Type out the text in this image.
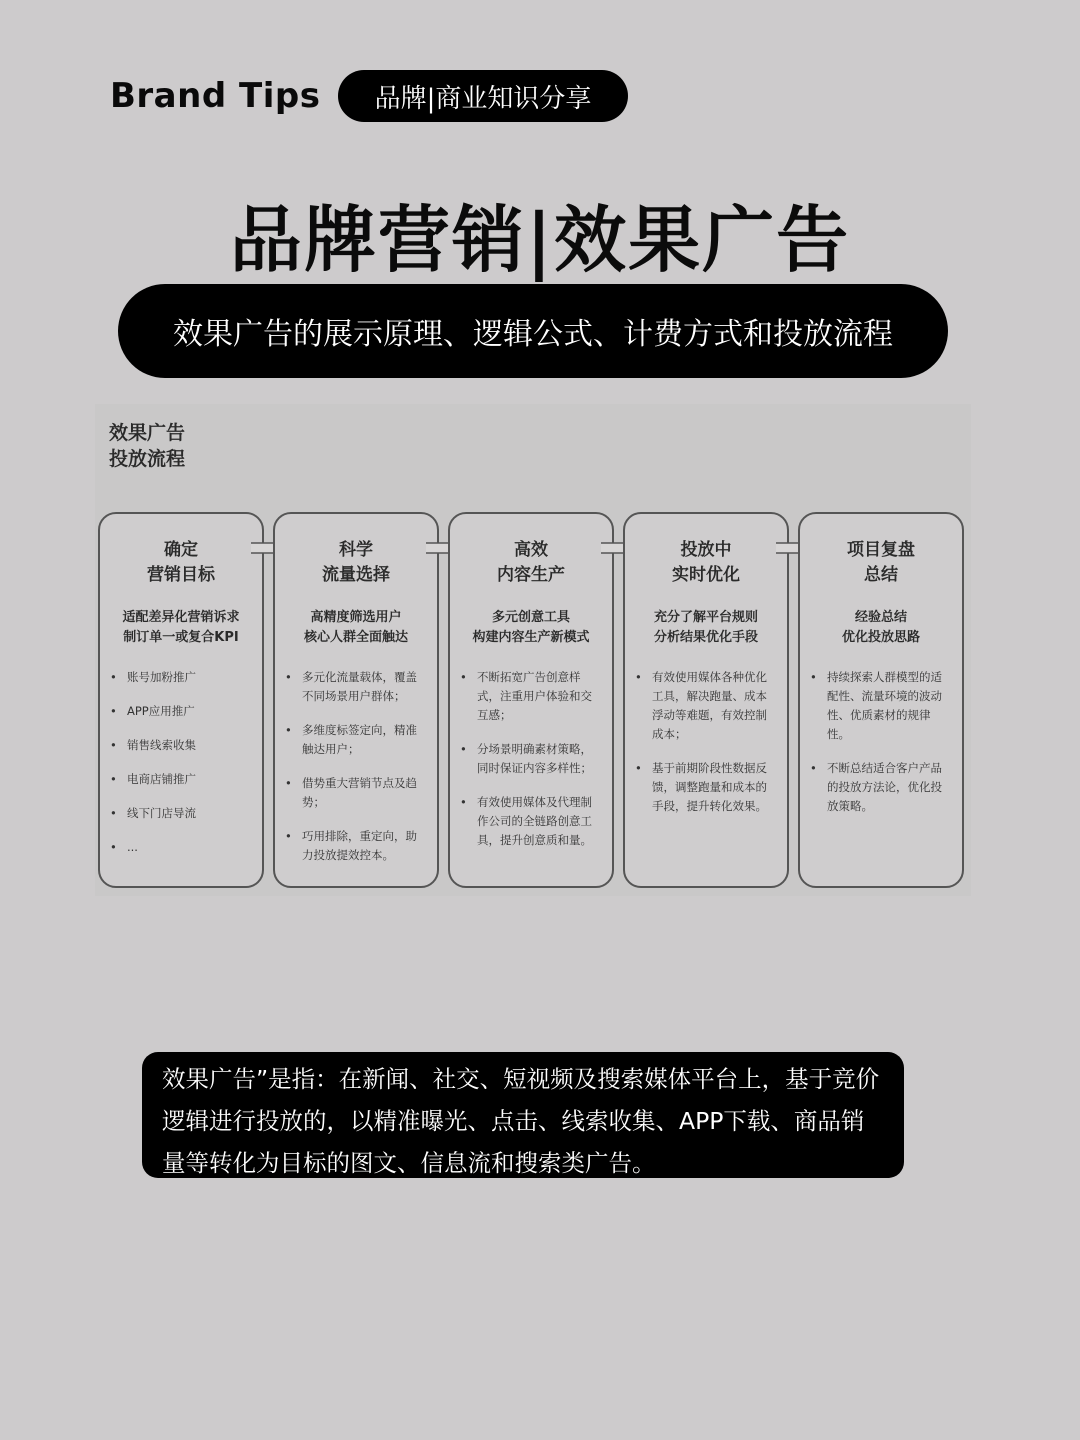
Brand Tips	品牌|商业知识分享
品牌营销|效果广告
效果广告的展示原理、逻辑公式、计费方式和投放流程
效果广告
投放流程
确定
营销目标
适配差异化营销诉求
制订单一或复合KPI
• 账号加粉推广
• APP应用推广
• 销售线索收集
• 电商店铺推广
• 线下门店导流
• ...
科学
流量选择
高精度筛选用户
核心人群全面触达
• 多元化流量载体，覆盖不同场景用户群体；
• 多维度标签定向，精准触达用户；
• 借势重大营销节点及趋势；
• 巧用排除，重定向，助力投放提效控本。
高效
内容生产
多元创意工具
构建内容生产新模式
• 不断拓宽广告创意样式，注重用户体验和交互感；
• 分场景明确素材策略，同时保证内容多样性；
• 有效使用媒体及代理制作公司的全链路创意工具，提升创意质和量。
投放中
实时优化
充分了解平台规则
分析结果优化手段
• 有效使用媒体各种优化工具，解决跑量、成本浮动等难题，有效控制成本；
• 基于前期阶段性数据反馈，调整跑量和成本的手段，提升转化效果。
项目复盘
总结
经验总结
优化投放思路
• 持续探索人群模型的适配性、流量环境的波动性、优质素材的规律性。
• 不断总结适合客户产品的投放方法论，优化投放策略。
效果广告”是指：在新闻、社交、短视频及搜索媒体平台上，基于竞价逻辑进行投放的，以精准曝光、点击、线索收集、APP下载、商品销量等转化为目标的图文、信息流和搜索类广告。
